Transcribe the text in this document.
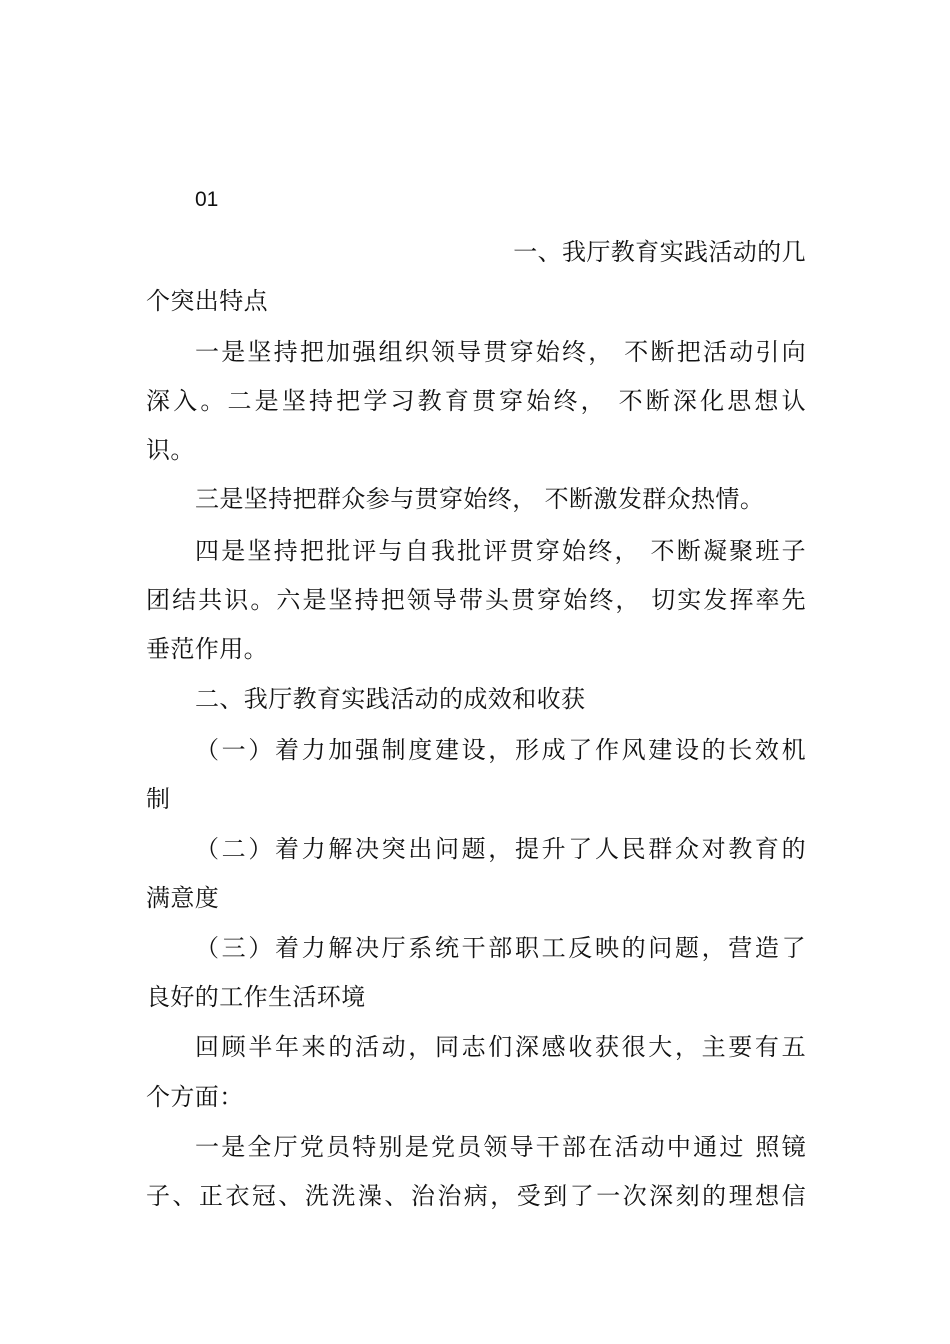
01
一、我厅教育实践活动的几
个突出特点
一是坚持把加强组织领导贯穿始终， 不断把活动引向
深入。二是坚持把学习教育贯穿始终， 不断深化思想认
识。
三是坚持把群众参与贯穿始终， 不断激发群众热情。
四是坚持把批评与自我批评贯穿始终， 不断凝聚班子
团结共识。六是坚持把领导带头贯穿始终， 切实发挥率先
垂范作用。
二、我厅教育实践活动的成效和收获
（一）着力加强制度建设，形成了作风建设的长效机
制
（二）着力解决突出问题，提升了人民群众对教育的
满意度
（三）着力解决厅系统干部职工反映的问题，营造了
良好的工作生活环境
回顾半年来的活动，同志们深感收获很大，主要有五
个方面：
一是全厅党员特别是党员领导干部在活动中通过 照镜
子、正衣冠、洗洗澡、治治病，受到了一次深刻的理想信
